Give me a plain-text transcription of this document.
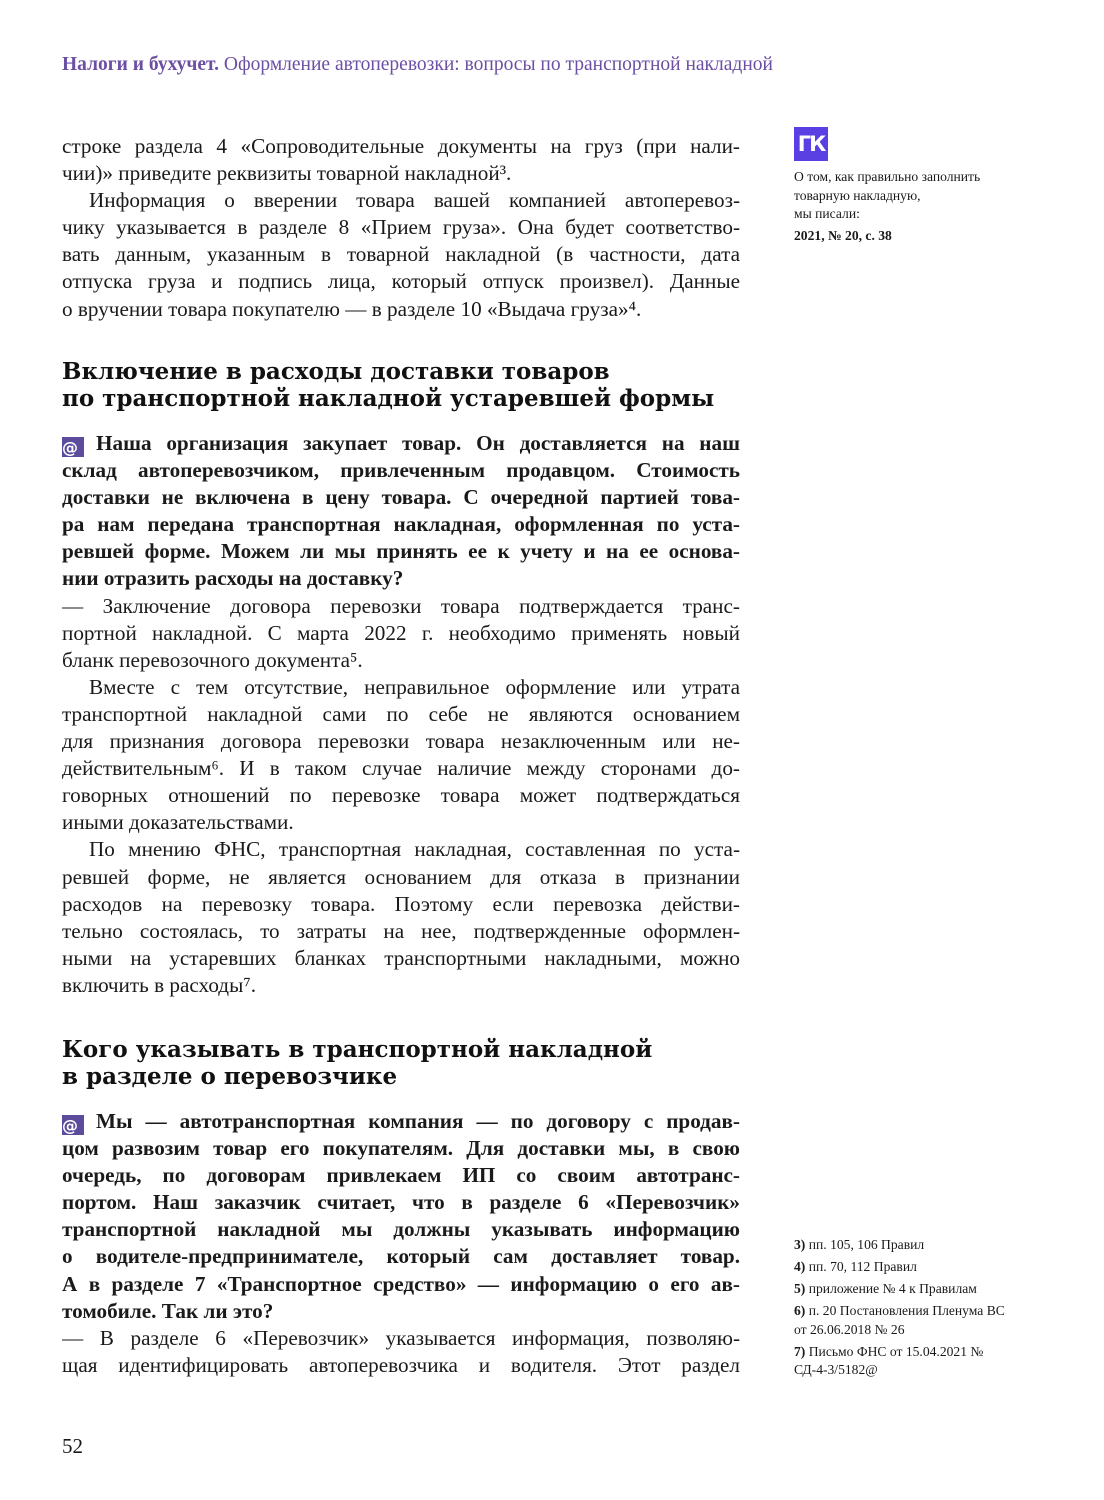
Налоги и бухучет. Оформление автоперевозки: вопросы по транспортной накладной
строке раздела 4 «Сопроводительные документы на груз (при нали-
чии)» приведите реквизиты товарной накладной³.
Информация о вверении товара вашей компанией автоперевоз-
чику указывается в разделе 8 «Прием груза». Она будет соответство-
вать данным, указанным в товарной накладной (в частности, дата
отпуска груза и подпись лица, который отпуск произвел). Данные
о вручении товара покупателю — в разделе 10 «Выдача груза»⁴.
Включение в расходы доставки товаров
по транспортной накладной устаревшей формы
@ Наша организация закупает товар. Он доставляется на наш
склад автоперевозчиком, привлеченным продавцом. Стоимость
доставки не включена в цену товара. С очередной партией това-
ра нам передана транспортная накладная, оформленная по уста-
ревшей форме. Можем ли мы принять ее к учету и на ее основа-
нии отразить расходы на доставку?
— Заключение договора перевозки товара подтверждается транс-
портной накладной. С марта 2022 г. необходимо применять новый
бланк перевозочного документа⁵.
Вместе с тем отсутствие, неправильное оформление или утрата
транспортной накладной сами по себе не являются основанием
для признания договора перевозки товара незаключенным или не-
действительным⁶. И в таком случае наличие между сторонами до-
говорных отношений по перевозке товара может подтверждаться
иными доказательствами.
По мнению ФНС, транспортная накладная, составленная по уста-
ревшей форме, не является основанием для отказа в признании
расходов на перевозку товара. Поэтому если перевозка действи-
тельно состоялась, то затраты на нее, подтвержденные оформлен-
ными на устаревших бланках транспортными накладными, можно
включить в расходы⁷.
Кого указывать в транспортной накладной
в разделе о перевозчике
@ Мы — автотранспортная компания — по договору с продав-
цом развозим товар его покупателям. Для доставки мы, в свою
очередь, по договорам привлекаем ИП со своим автотранс-
портом. Наш заказчик считает, что в разделе 6 «Перевозчик»
транспортной накладной мы должны указывать информацию
о водителе-предпринимателе, который сам доставляет товар.
А в разделе 7 «Транспортное средство» — информацию о его ав-
томобиле. Так ли это?
— В разделе 6 «Перевозчик» указывается информация, позволяю-
щая идентифицировать автоперевозчика и водителя. Этот раздел
ГК
О том, как правильно заполнить
товарную накладную,
мы писали:
2021, № 20, с. 38
3) пп. 105, 106 Правил
4) пп. 70, 112 Правил
5) приложение № 4 к Правилам
6) п. 20 Постановления Пленума ВС от 26.06.2018 № 26
7) Письмо ФНС от 15.04.2021 № СД-4-3/5182@
52
